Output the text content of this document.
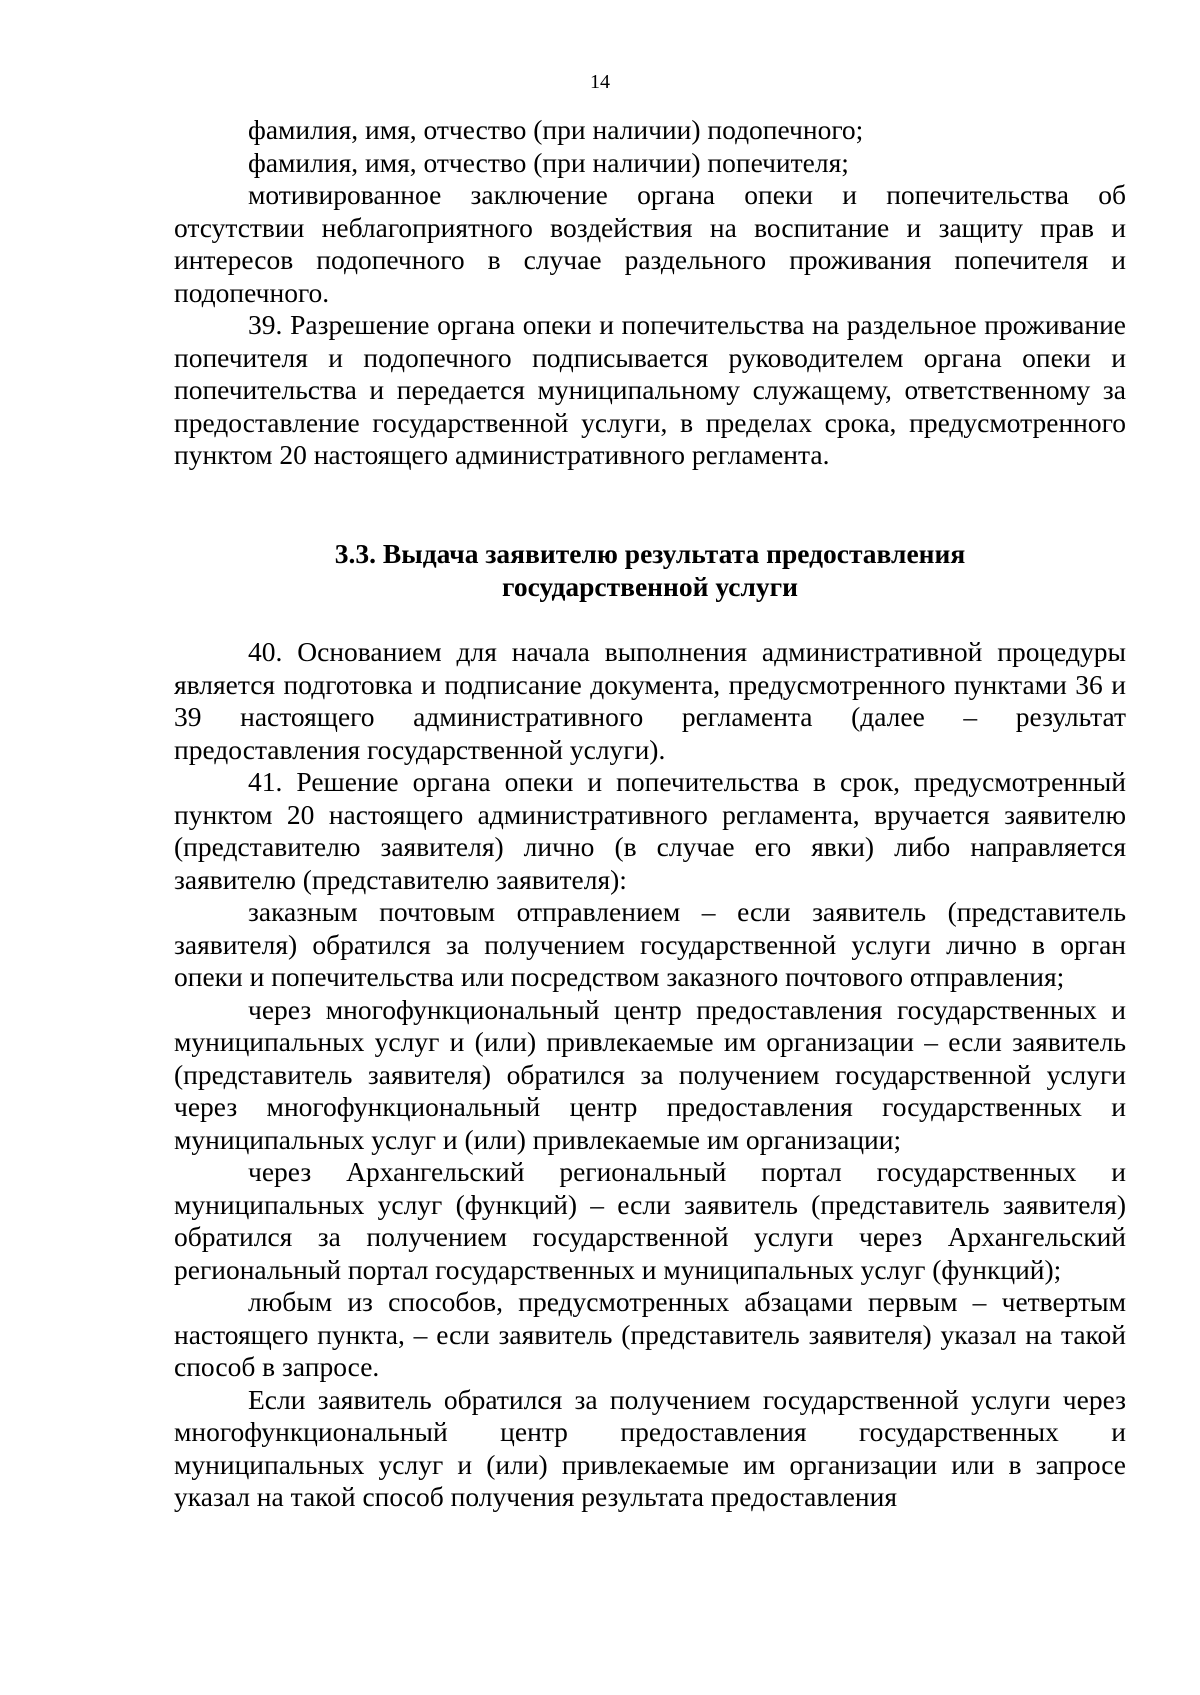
14

фамилия, имя, отчество (при наличии) подопечного;

фамилия, имя, отчество (при наличии) попечителя;

мотивированное заключение органа опеки и попечительства об отсутствии неблагоприятного воздействия на воспитание и защиту прав и интересов подопечного в случае раздельного проживания попечителя и подопечного.

39. Разрешение органа опеки и попечительства на раздельное проживание попечителя и подопечного подписывается руководителем органа опеки и попечительства и передается муниципальному служащему, ответственному за предоставление государственной услуги, в пределах срока, предусмотренного пунктом 20 настоящего административного регламента.

3.3. Выдача заявителю результата предоставления
государственной услуги

40. Основанием для начала выполнения административной процедуры является подготовка и подписание документа, предусмотренного пунктами 36 и 39 настоящего административного регламента (далее – результат предоставления государственной услуги).

41. Решение органа опеки и попечительства в срок, предусмотренный пунктом 20 настоящего административного регламента, вручается заявителю (представителю заявителя) лично (в случае его явки) либо направляется заявителю (представителю заявителя):

заказным почтовым отправлением – если заявитель (представитель заявителя) обратился за получением государственной услуги лично в орган опеки и попечительства или посредством заказного почтового отправления;

через многофункциональный центр предоставления государственных и муниципальных услуг и (или) привлекаемые им организации – если заявитель (представитель заявителя) обратился за получением государственной услуги через многофункциональный центр предоставления государственных и муниципальных услуг и (или) привлекаемые им организации;

через Архангельский региональный портал государственных и муниципальных услуг (функций) – если заявитель (представитель заявителя) обратился за получением государственной услуги через Архангельский региональный портал государственных и муниципальных услуг (функций);

любым из способов, предусмотренных абзацами первым – четвертым настоящего пункта, – если заявитель (представитель заявителя) указал на такой способ в запросе.

Если заявитель обратился за получением государственной услуги через многофункциональный центр предоставления государственных и муниципальных услуг и (или) привлекаемые им организации или в запросе указал на такой способ получения результата предоставления
